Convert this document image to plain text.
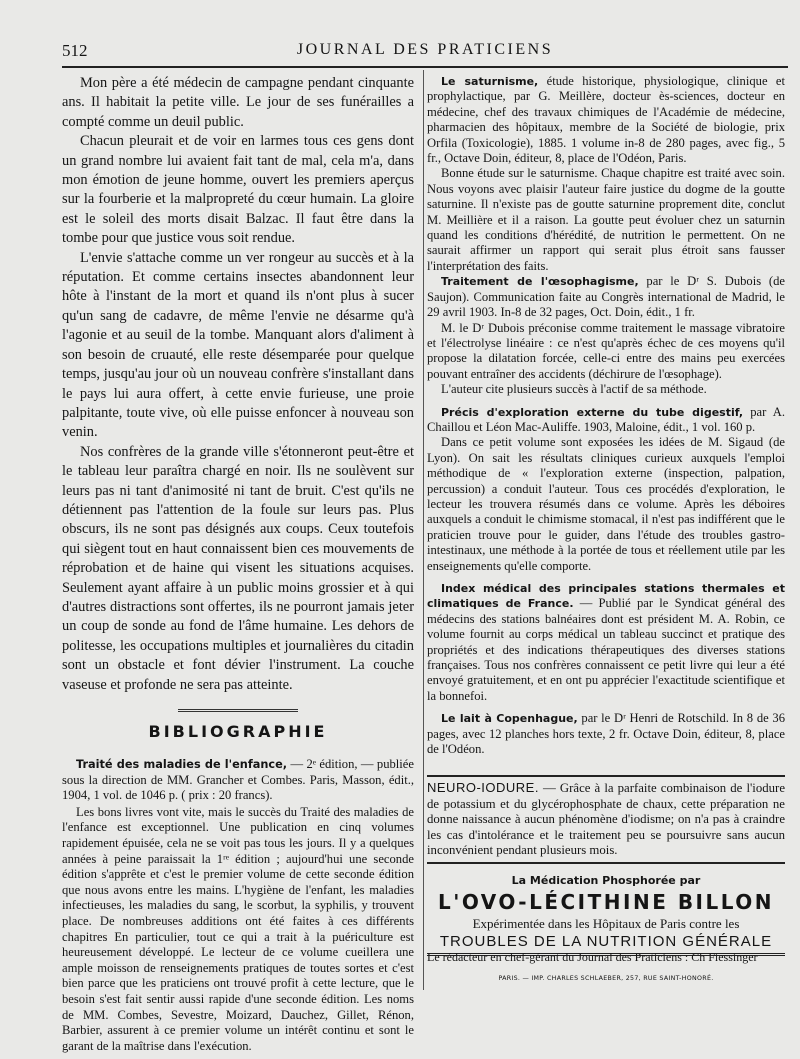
512	JOURNAL DES PRATICIENS

Mon père a été médecin de campagne pendant cinquante ans. Il habitait la petite ville. Le jour de ses funérailles a compté comme un deuil public.

Chacun pleurait et de voir en larmes tous ces gens dont un grand nombre lui avaient fait tant de mal, cela m'a, dans mon émotion de jeune homme, ouvert les premiers aperçus sur la fourberie et la malpropreté du cœur humain. La gloire est le soleil des morts disait Balzac. Il faut être dans la tombe pour que justice vous soit rendue.

L'envie s'attache comme un ver rongeur au succès et à la réputation. Et comme certains insectes abandonnent leur hôte à l'instant de la mort et quand ils n'ont plus à sucer qu'un sang de cadavre, de même l'envie ne désarme qu'à l'agonie et au seuil de la tombe. Manquant alors d'aliment à son besoin de cruauté, elle reste désemparée pour quelque temps, jusqu'au jour où un nouveau confrère s'installant dans le pays lui aura offert, à cette envie furieuse, une proie palpitante, toute vive, où elle puisse enfoncer à nouveau son venin.

Nos confrères de la grande ville s'étonneront peut-être et le tableau leur paraîtra chargé en noir. Ils ne soulèvent sur leurs pas ni tant d'animosité ni tant de bruit. C'est qu'ils ne détiennent pas l'attention de la foule sur leurs pas. Plus obscurs, ils ne sont pas désignés aux coups. Ceux toutefois qui siègent tout en haut connaissent bien ces mouvements de réprobation et de haine qui visent les situations acquises. Seulement ayant affaire à un public moins grossier et à qui d'autres distractions sont offertes, ils ne pourront jamais jeter un coup de sonde au fond de l'âme humaine. Les dehors de politesse, les occupations multiples et journalières du citadin sont un obstacle et font dévier l'instrument. La couche vaseuse et profonde ne sera pas atteinte.

BIBLIOGRAPHIE

Traité des maladies de l'enfance, — 2ᵉ édition, — publiée sous la direction de MM. Grancher et Combes. Paris, Masson, édit., 1904, 1 vol. de 1046 p. ( prix : 20 francs).

Les bons livres vont vite, mais le succès du Traité des maladies de l'enfance est exceptionnel. Une publication en cinq volumes rapidement épuisée, cela ne se voit pas tous les jours. Il y a quelques années à peine paraissait la 1ʳᵉ édition ; aujourd'hui une seconde édition s'apprête et c'est le premier volume de cette seconde édition que nous avons entre les mains. L'hygiène de l'enfant, les maladies infectieuses, les maladies du sang, le scorbut, la syphilis, y trouvent place. De nombreuses additions ont été faites à ces différents chapitres En particulier, tout ce qui a trait à la puériculture est heureusement développé. Le lecteur de ce volume cueillera une ample moisson de renseignements pratiques de toutes sortes et c'est bien parce que les praticiens ont trouvé profit à cette lecture, que le besoin s'est fait sentir aussi rapide d'une seconde édition. Les noms de MM. Combes, Sevestre, Moizard, Dauchez, Gillet, Rénon, Barbier, assurent à ce premier volume un intérêt continu et sont le garant de la maîtrise dans l'exécution.

Le saturnisme, étude historique, physiologique, clinique et prophylactique, par G. Meillère, docteur ès-sciences, docteur en médecine, chef des travaux chimiques de l'Académie de médecine, pharmacien des hôpitaux, membre de la Société de biologie, prix Orfila (Toxicologie), 1885. 1 volume in-8 de 280 pages, avec fig., 5 fr., Octave Doin, éditeur, 8, place de l'Odéon, Paris.

Bonne étude sur le saturnisme. Chaque chapitre est traité avec soin. Nous voyons avec plaisir l'auteur faire justice du dogme de la goutte saturnine. Il n'existe pas de goutte saturnine proprement dite, conclut M. Meillière et il a raison. La goutte peut évoluer chez un saturnin quand les conditions d'hérédité, de nutrition le permettent. On ne saurait affirmer un rapport qui serait plus étroit sans fausser l'interprétation des faits.

Traitement de l'œsophagisme, par le Dʳ S. Dubois (de Saujon). Communication faite au Congrès international de Madrid, le 29 avril 1903. In-8 de 32 pages, Oct. Doin, édit., 1 fr.

M. le Dʳ Dubois préconise comme traitement le massage vibratoire et l'électrolyse linéaire : ce n'est qu'après échec de ces moyens qu'il propose la dilatation forcée, celle-ci entre des mains peu exercées pouvant entraîner des accidents (déchirure de l'œsophage).

L'auteur cite plusieurs succès à l'actif de sa méthode.

Précis d'exploration externe du tube digestif, par A. Chaillou et Léon Mac-Auliffe. 1903, Maloine, édit., 1 vol. 160 p.

Dans ce petit volume sont exposées les idées de M. Sigaud (de Lyon). On sait les résultats cliniques curieux auxquels l'emploi méthodique de « l'exploration externe (inspection, palpation, percussion) a conduit l'auteur. Tous ces procédés d'exploration, le lecteur les trouvera résumés dans ce volume. Après les déboires auxquels a conduit le chimisme stomacal, il n'est pas indifférent que le praticien trouve pour le guider, dans l'étude des troubles gastro-intestinaux, une méthode à la portée de tous et réellement utile par les enseignements qu'elle comporte.

Index médical des principales stations thermales et climatiques de France. — Publié par le Syndicat général des médecins des stations balnéaires dont est président M. A. Robin, ce volume fournit au corps médical un tableau succinct et pratique des propriétés et des indications thérapeutiques des diverses stations françaises. Tous nos confrères connaissent ce petit livre qui leur a été envoyé gratuitement, et en ont pu apprécier l'exactitude scientifique et la bonnefoi.

Le lait à Copenhague, par le Dʳ Henri de Rotschild. In 8 de 36 pages, avec 12 planches hors texte, 2 fr. Octave Doin, éditeur, 8, place de l'Odéon.

NEURO-IODURE. — Grâce à la parfaite combinaison de l'iodure de potassium et du glycérophosphate de chaux, cette préparation ne donne naissance à aucun phénomène d'iodisme; on n'a pas à craindre les cas d'intolérance et le traitement peu se poursuivre sans aucun inconvénient pendant plusieurs mois.
La Médication Phosphorée par
L'OVO-LÉCITHINE BILLON
Expérimentée dans les Hôpitaux de Paris contre les
TROUBLES DE LA NUTRITION GÉNÉRALE
Le rédacteur en chef-gérant du Journal des Praticiens : Ch Fiessinger
PARIS. — IMP. CHARLES SCHLAEBER, 257, RUE SAINT-HONORÉ.
